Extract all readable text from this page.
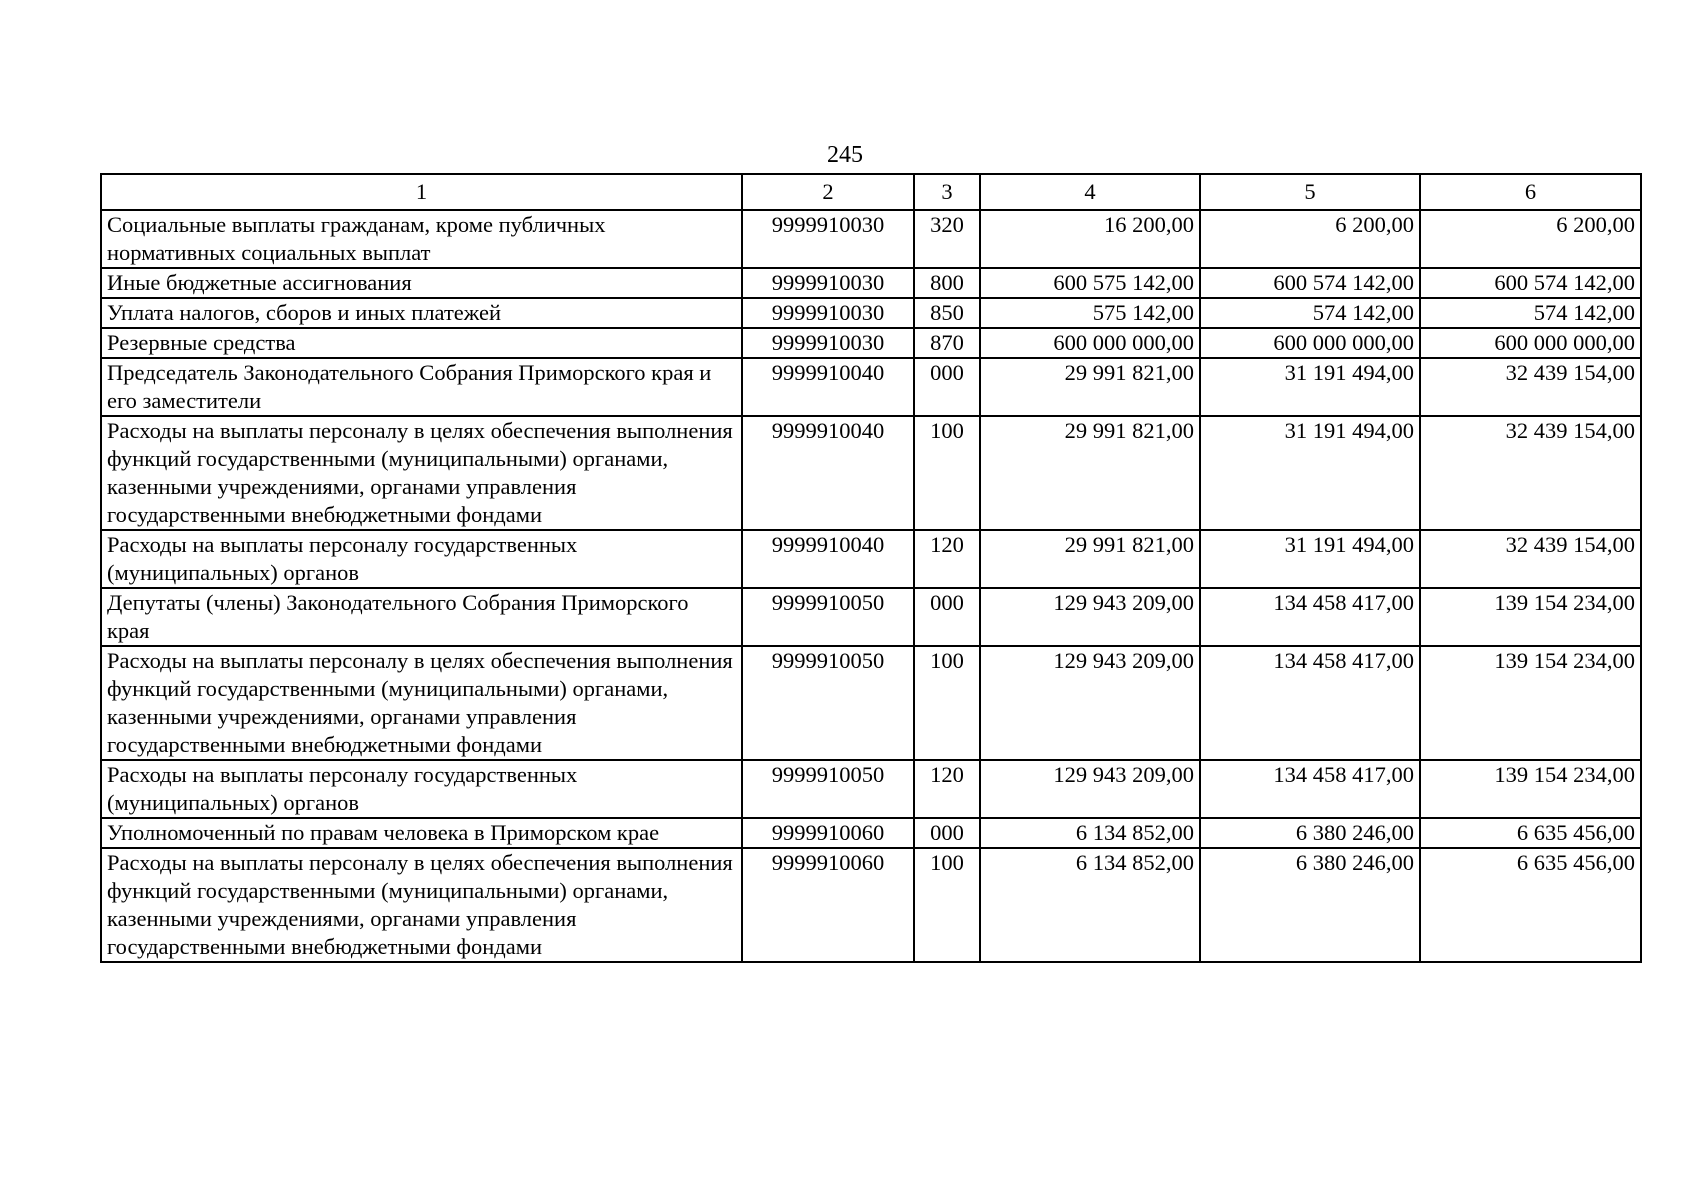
245
1	2	3	4	5	6
Социальные выплаты гражданам, кроме публичных нормативных социальных выплат	9999910030	320	16 200,00	6 200,00	6 200,00
Иные бюджетные ассигнования	9999910030	800	600 575 142,00	600 574 142,00	600 574 142,00
Уплата налогов, сборов и иных платежей	9999910030	850	575 142,00	574 142,00	574 142,00
Резервные средства	9999910030	870	600 000 000,00	600 000 000,00	600 000 000,00
Председатель Законодательного Собрания Приморского края и его заместители	9999910040	000	29 991 821,00	31 191 494,00	32 439 154,00
Расходы на выплаты персоналу в целях обеспечения выполнения функций государственными (муниципальными) органами, казенными учреждениями, органами управления государственными внебюджетными фондами	9999910040	100	29 991 821,00	31 191 494,00	32 439 154,00
Расходы на выплаты персоналу государственных (муниципальных) органов	9999910040	120	29 991 821,00	31 191 494,00	32 439 154,00
Депутаты (члены) Законодательного Собрания Приморского края	9999910050	000	129 943 209,00	134 458 417,00	139 154 234,00
Расходы на выплаты персоналу в целях обеспечения выполнения функций государственными (муниципальными) органами, казенными учреждениями, органами управления государственными внебюджетными фондами	9999910050	100	129 943 209,00	134 458 417,00	139 154 234,00
Расходы на выплаты персоналу государственных (муниципальных) органов	9999910050	120	129 943 209,00	134 458 417,00	139 154 234,00
Уполномоченный по правам человека в Приморском крае	9999910060	000	6 134 852,00	6 380 246,00	6 635 456,00
Расходы на выплаты персоналу в целях обеспечения выполнения функций государственными (муниципальными) органами, казенными учреждениями, органами управления государственными внебюджетными фондами	9999910060	100	6 134 852,00	6 380 246,00	6 635 456,00
